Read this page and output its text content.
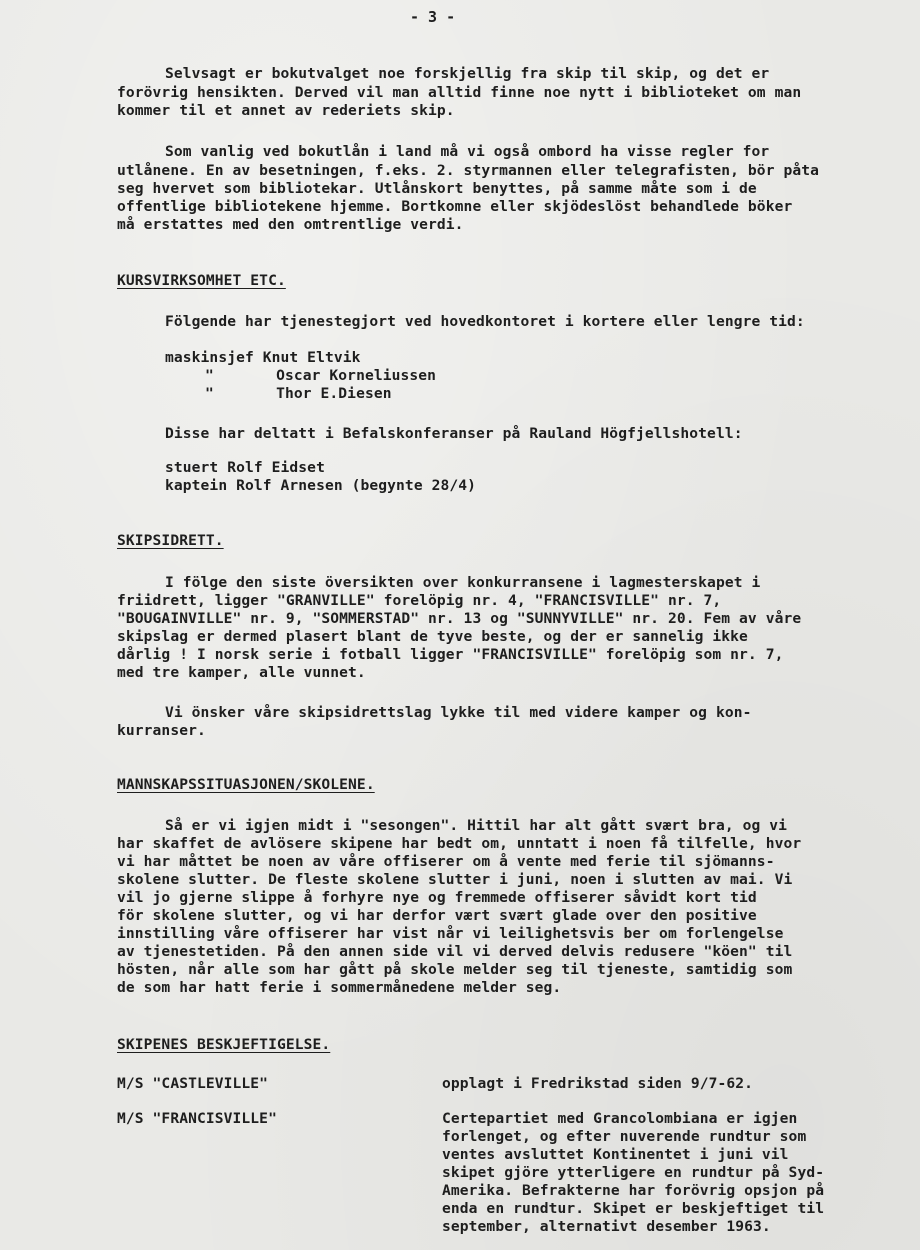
- 3 -
Selvsagt er bokutvalget noe forskjellig fra skip til skip, og det er
forövrig hensikten. Derved vil man alltid finne noe nytt i biblioteket om man
kommer til et annet av rederiets skip.
Som vanlig ved bokutlån i land må vi også ombord ha visse regler for
utlånene. En av besetningen, f.eks. 2. styrmannen eller telegrafisten, bör påta
seg hvervet som bibliotekar. Utlånskort benyttes, på samme måte som i de
offentlige bibliotekene hjemme. Bortkomne eller skjödeslöst behandlede böker
må erstattes med den omtrentlige verdi.
KURSVIRKSOMHET ETC.
Fölgende har tjenestegjort ved hovedkontoret i kortere eller lengre tid:
maskinsjef Knut Eltvik
"       Oscar Korneliussen
"       Thor E.Diesen
Disse har deltatt i Befalskonferanser på Rauland Högfjellshotell:
stuert Rolf Eidset
kaptein Rolf Arnesen (begynte 28/4)
SKIPSIDRETT.
I fölge den siste översikten over konkurransene i lagmesterskapet i
friidrett, ligger "GRANVILLE" forelöpig nr. 4, "FRANCISVILLE" nr. 7,
"BOUGAINVILLE" nr. 9, "SOMMERSTAD" nr. 13 og "SUNNYVILLE" nr. 20. Fem av våre
skipslag er dermed plasert blant de tyve beste, og der er sannelig ikke
dårlig ! I norsk serie i fotball ligger "FRANCISVILLE" forelöpig som nr. 7,
med tre kamper, alle vunnet.
Vi önsker våre skipsidrettslag lykke til med videre kamper og kon-
kurranser.
MANNSKAPSSITUASJONEN/SKOLENE.
Så er vi igjen midt i "sesongen". Hittil har alt gått svært bra, og vi
har skaffet de avlösere skipene har bedt om, unntatt i noen få tilfelle, hvor
vi har måttet be noen av våre offiserer om å vente med ferie til sjömanns-
skolene slutter. De fleste skolene slutter i juni, noen i slutten av mai. Vi
vil jo gjerne slippe å forhyre nye og fremmede offiserer såvidt kort tid
för skolene slutter, og vi har derfor vært svært glade over den positive
innstilling våre offiserer har vist når vi leilighetsvis ber om forlengelse
av tjenestetiden. På den annen side vil vi derved delvis redusere "köen" til
hösten, når alle som har gått på skole melder seg til tjeneste, samtidig som
de som har hatt ferie i sommermånedene melder seg.
SKIPENES BESKJEFTIGELSE.
M/S "CASTLEVILLE"	opplagt i Fredrikstad siden 9/7-62.
M/S "FRANCISVILLE"	Certepartiet med Grancolombiana er igjen
forlenget, og efter nuverende rundtur som
ventes avsluttet Kontinentet i juni vil
skipet gjöre ytterligere en rundtur på Syd-
Amerika. Befrakterne har forövrig opsjon på
enda en rundtur. Skipet er beskjeftiget til
september, alternativt desember 1963.
